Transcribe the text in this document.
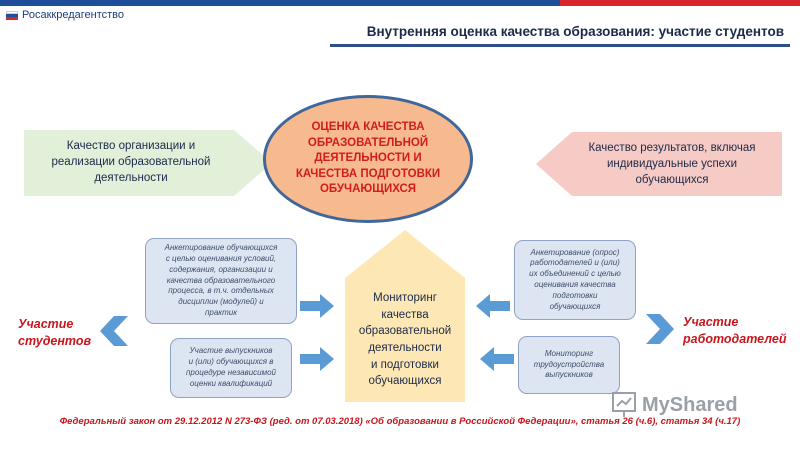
Росаккредагентство
Внутренняя оценка качества образования: участие студентов
Качество организации и
реализации образовательной
деятельности
Качество результатов, включая
индивидуальные успехи
обучающихся
ОЦЕНКА КАЧЕСТВА
ОБРАЗОВАТЕЛЬНОЙ
ДЕЯТЕЛЬНОСТИ И
КАЧЕСТВА ПОДГОТОВКИ
ОБУЧАЮЩИХСЯ
Мониторинг
качества
образовательной
деятельности
и подготовки
обучающихся
Анкетирование обучающихся
с целью оценивания условий,
содержания, организации и
качества образовательного
процесса, в т.ч. отдельных
дисциплин (модулей) и
практик
Участие выпускников
и (или) обучающихся в
процедуре независимой
оценки квалификаций
Анкетирование (опрос)
работодателей и (или)
их объединений с целью
оценивания качества
подготовки
обучающихся
Мониторинг
трудоустройства
выпускников
Участие
студентов
Участие
работодателей
MyShared
Федеральный закон от 29.12.2012 N 273-ФЗ (ред. от 07.03.2018) «Об образовании в Российской Федерации», статья 26 (ч.6), статья 34 (ч.17)
